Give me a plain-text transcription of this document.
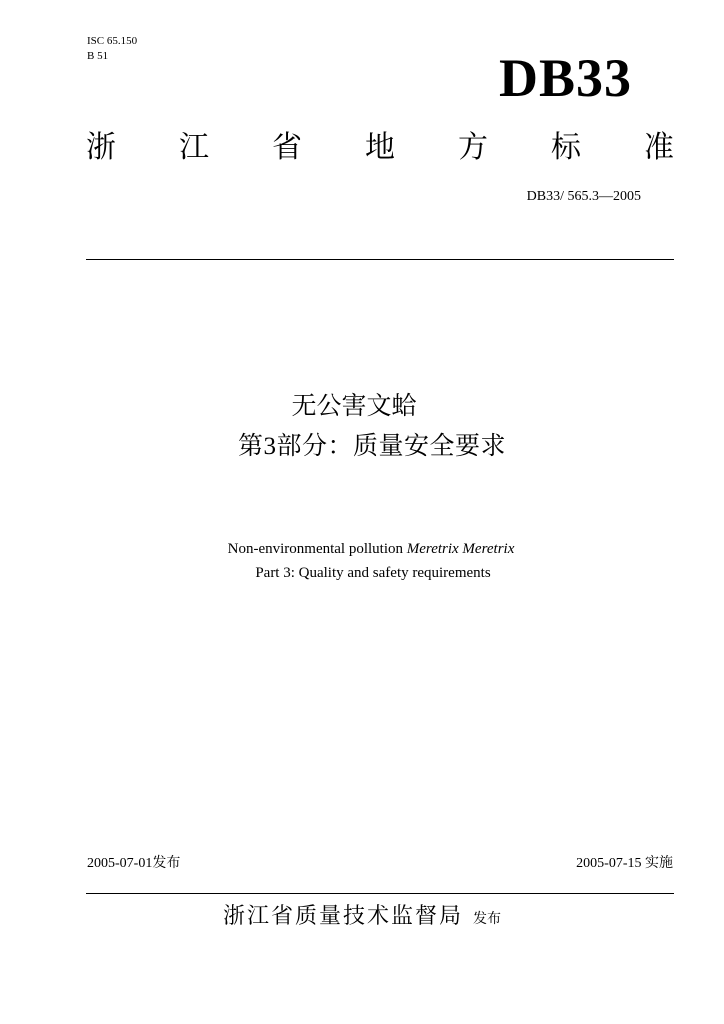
ISC 65.150
B 51	DB33
浙 江 省 地 方 标 准
DB33/ 565.3—2005
无公害文蛤
第3部分：质量安全要求
Non-environmental pollution Meretrix Meretrix
Part 3: Quality and safety requirements
2005-07-01发布	2005-07-15 实施
浙江省质量技术监督局 发布
